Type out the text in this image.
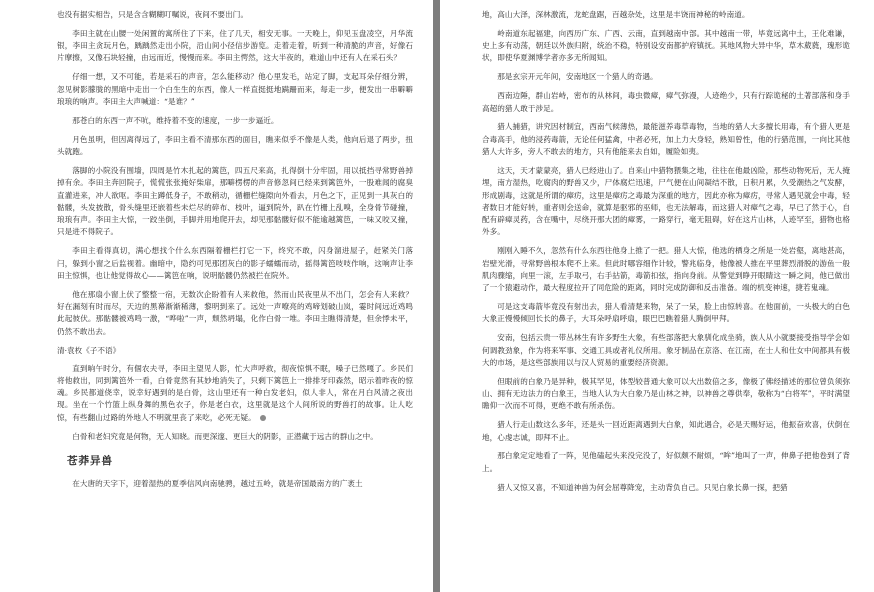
也没有据实相告，只是含含糊糊叮嘱说，夜间不要出门。

李田主就在山腰一处闲置的寓所住了下来，住了几天，相安无事。一天晚上，仰见玉盘凌空，月华流银，李田主贪玩月色，踽踽然走出小院，沿山间小径信步游览。走着走着，听到一种清脆的声音，好像石片摩擦，又像石块轻撞，由远而近，慢慢而来。李田主愕然，这大半夜的，难道山中还有人在采石头？

仔细一想，又不可能，若是采石的声音，怎么能移动？他心里发毛，站定了脚，支起耳朵仔细分辨，忽见树影朦胧的黑暗中走出一个白生生的东西，像人一样直挺挺地蹒跚而来，每走一步，便发出一串噼噼琅琅的响声。李田主大声喊道：“是谁？”

那苍白的东西一声不吭，维持着不变的速度，一步一步逼近。

月色虽明，但因离得远了，李田主看不清那东西的面目，瞧来似乎不像是人类，他向后退了两步，扭头就跑。

落脚的小院没有围墙，四周是竹木扎起的篱笆，四五尺来高，扎得倒十分牢固，用以抵挡寻常野兽掉掉有余。李田主奔回院子，慌慌张张掩好柴扉，那噼楞楞的声音修忽间已经来到篱笆外，一股难闻的腐臭直灌进来，冲人欲呕。李田主蹲低身子，不敢稍动，循栅栏缝隙向外看去，月色之下，正见到一具灰白的骷髅，头发披散，骨头缝里还嵌着些未烂尽的碎布、枝叶，逼到院外，趴在竹栅上乱嗅，全身骨节碰撞，琅琅有声。李田主大惊，一跤坐倒，手脚并用地爬开去，却见那骷髅好似不能逾越篱笆，一味又咬又撞，只是进不得院子。

李田主看得真切，满心想找个什么东西隔着栅栏打它一下，终究不敢，闪身溜进屋子，赶紧关门落闩，躲到小窗之后监视着。幽暗中，隐约可见那团灰白的影子蠕蠕而动，摇得篱笆吱吱作响，这响声让李田主惊惧，也让他觉得故心——篱笆在响，说明骷髅仍然被拦在院外。

他在那扇小窗上伏了整整一宿，无数次企盼着有人来救他，然而山民夜里从不出门，怎会有人来救？好在漏刻有时而尽，天边的黑幕渐渐稀薄，黎明到来了。远处一声嘹亮的鸡啼划破山岚，霎时间远近鸡鸣此起彼伏。那骷髅被鸡鸣一激，“哗啦”一声，颓然坍塌，化作白骨一堆。李田主瞧得清楚，但余悸未平，仍然不敢出去。

清·袁枚《子不语》

直到晌午时分，有個农夫寻，李田主望见人影，忙大声呼救，彻夜惊惧不眠，嗓子已然嘎了。乡民们将他救出，同到篱笆外一看，白骨竟然有其妙地消失了，只剩下篱笆上一排排牙印森然，昭示着昨夜的惊魂。乡民都道侥幸，说幸好遇到的是白骨，这山里还有一种白发老妇，似人非人，常在月白风清之夜出现。坐在一个竹篮上纵身舞的黑色衣子，你是老白衣，这里就是这个人间所说的野兽打的故事。让人吃惊，有些翻山过路的外地人不明就里丧了来吃，必死无疑。

白骨和老妇究竟是何物，无人知晓。而更深邃、更巨大的阴影，正潜藏于远古的群山之中。

苍莽异兽

在大唐的天字下，迎着湿热的夏季信风向南驰骋，越过五岭，就是帝国最南方的广袤土

地，高山大泽，深林激流，龙蛇盘踞，百越杂处，这里是丰饶而神秘的岭南道。

岭南道东起福建，向西历广东、广西、云南，直到越南中部。其中越南一带，毕竟远离中土，王化难谦，史上多有动荡，朝廷以外族归附，统治不稳，特别设安南都护府镇抚。其地风物大异中华，草木葳蕤，瑰形诡状，即使华夏渊博学者亦多无所闻知。

那是玄宗开元年间，安南地区一个猎人的奇遇。

西南边陲，群山岩峙，密布的从林间，毒虫微瘴，瘴气弥漫，人迹绝少，只有行踪诡秘的土著部落和身手高超的猎人敢于涉足。

猎人捕猎，讲究因材制宜，西南气候薄热，最能滋养毒草毒物，当地的猎人大多擅长用毒，有个猎人更是合毒高手，他的浸药毒箭，无论任何猛禽，中者必死，加上力大身轻，熟知曾性，他的行猎范围，一向比其他猎人大许多，旁人不敢去的地方，只有他能来去自如，履险如夷。

这天，天才蒙蒙亮，猎人已经进山了。自来山中猎物猥集之地，往往在他最凶险，那些动物死后，无人掩埋，南方湿热，吃腐肉的野兽又少，尸体腐烂迅速，尸气便在山间凝结不散，日积月累，久受潮热之气发酵，形成剧毒，这就是所谓的瘴疠，这里是瘴疠之毒最为深重的地方，因此亦称为瘴疠，寻常人遇见就会中毒，轻者数日才能好转，重者则会送命，就算是驱邪的巫师，也无法解毒，而这猎人对瘴气之毒，早已了然于心，自配有辟瘴灵药，含在嘴中，尽绕开那大团的瘴雾，一路穿行，毫无阻碍，好在这片山林，人迹罕至，猎物也格外多。

刚刚入睡不久，忽然有什么东西往他身上推了一把。猎人大惊，他选的栖身之所是一处岩壑，离地甚高，岩壁光滑，寻常野兽根本爬不上来。但此时哪容细作计较，警兆临身，他像被人推在平里葬烈滑脱的游鱼一般肌肉骤缩，向里一滚，左手取弓，右手拈箭，毒箭扣弦，指向身前。从警觉到睁开眼睛这一瞬之间，他已做出了一个猿避动作，最大程度拉开了同危险的距离，同时完成防御和反击准备。端的机变神速，捷若鬼魂。

可是这支毒箭毕竟没有射出去，猎人看清楚来物，呆了一呆，脸上由惊转喜。在他面前，一头极大的白色大象正慢慢倾回长长的鼻子，大耳朵呼扇呼扇，眼巴巴瞧着猎人腾倒甲拜。

安南，包括云贵一带丛林生有许多野生大象，有些部落把大象驯化成坐骑，族人从小就要接受指导学会如何调教劲象，作为将来军事、交通工具或者礼仪所用。象牙制品在京洛、在江南，在士人和仕女中间都具有极大的市场，是这些部族用以与汉人贸易的重要经济资源。

但眼前的白象乃是异种，极其罕见，体型较普通大象可以大出数倍之多，像极了佛经描述的那位曾负须弥山、拥有无边法力的白象王，当地人认为大白象乃是山林之神，以神兽之尊供奉，敬称为“白将军”，平时满望瞻仰一次而不可得，更绝不敢有所杀伤。

猎人行走山数这么多年，还是头一回近距离遇到大白象，知此遇合，必是天赐好运，他振奋欢喜，伏倒在地，心虔志诚，即拜不止。

那白象定定地看了一阵，见他磕起头来没完没了，好似颇不耐烦，“哞”地叫了一声，伸鼻子把他卷到了背上。

猎人又惊又喜，不知道神兽为何会屈尊降宠，主动背负自己。只见白象长鼻一探，把猎
